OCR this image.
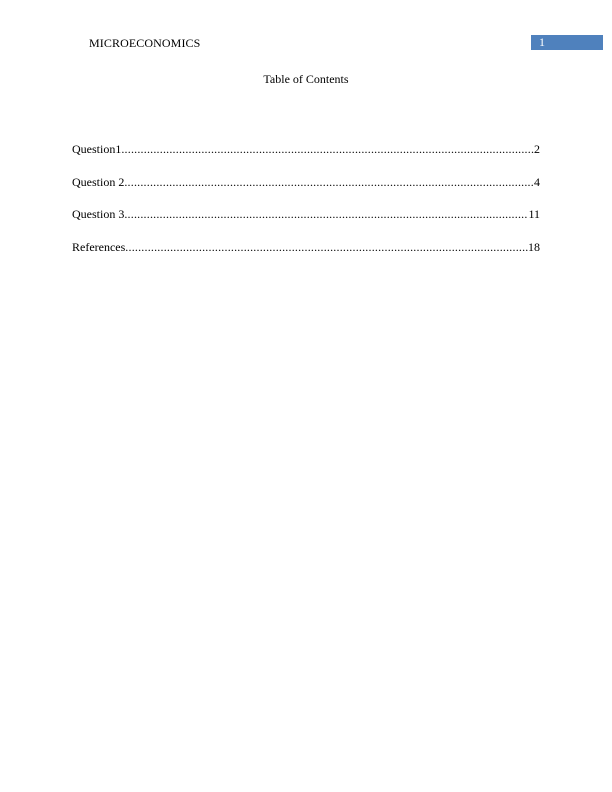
MICROECONOMICS	1
Table of Contents
Question1 .....	2
Question 2 .....	4
Question 3 .....	11
References .....	18
